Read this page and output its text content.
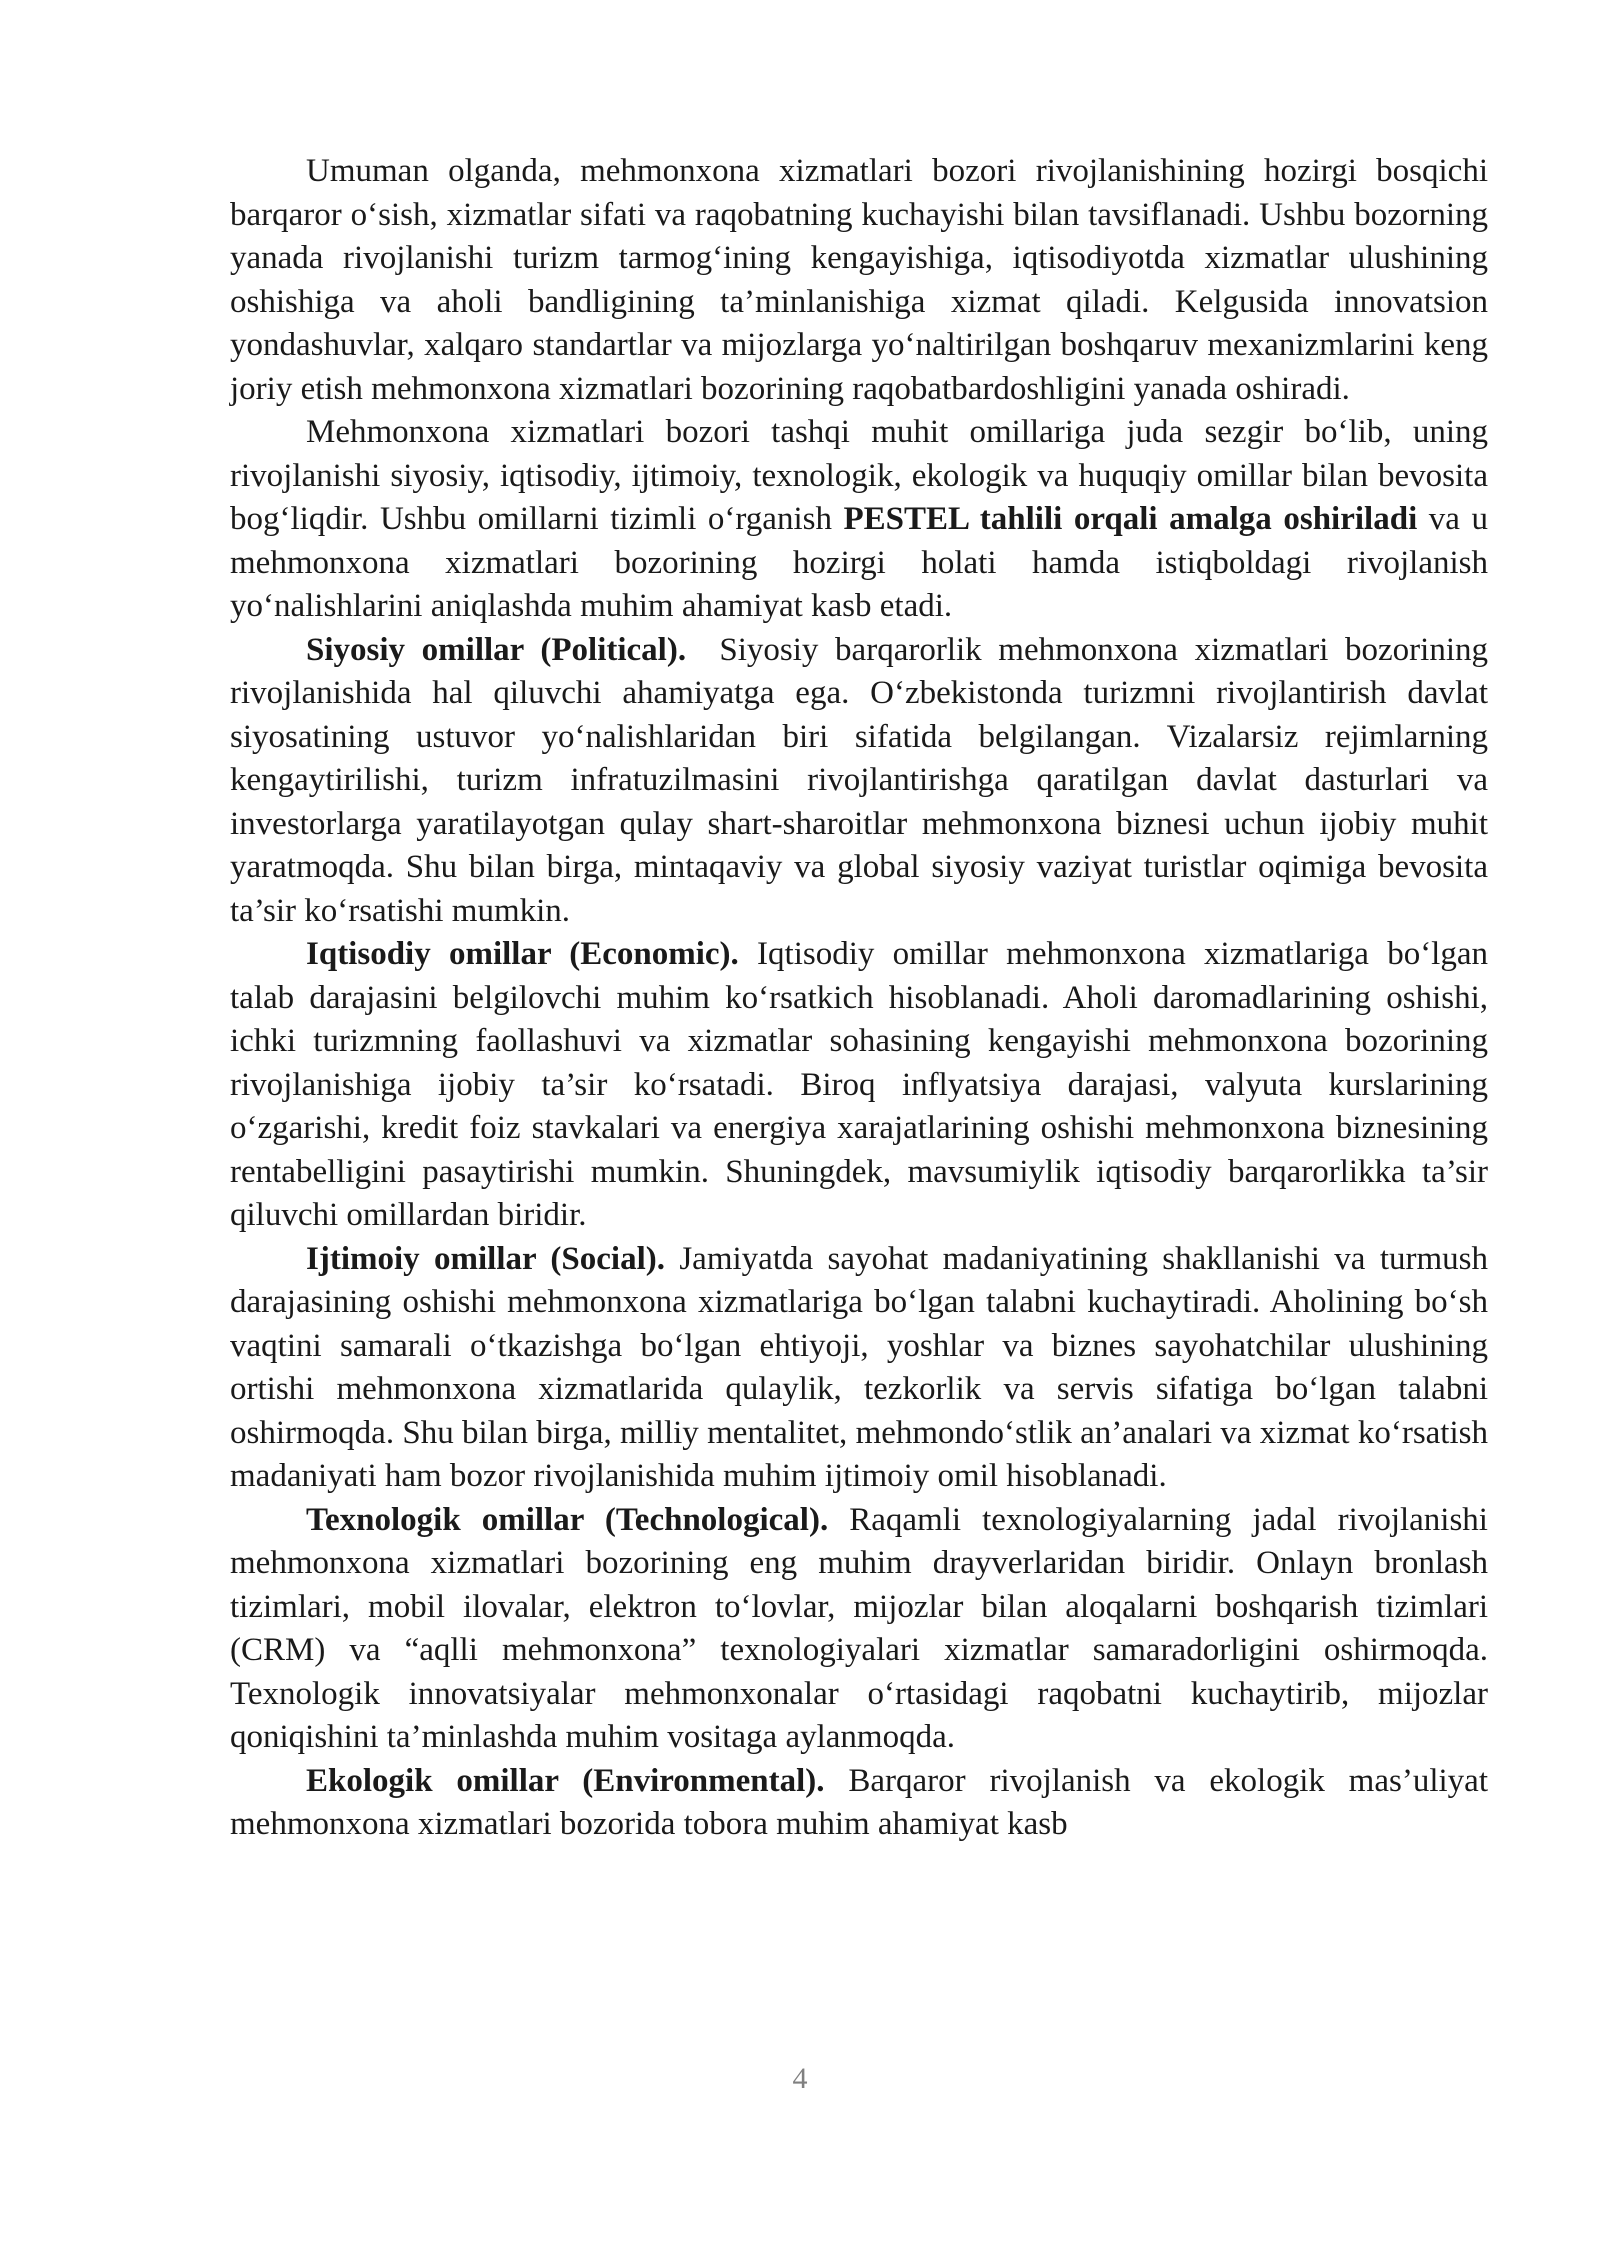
Umuman olganda, mehmonxona xizmatlari bozori rivojlanishining hozirgi bosqichi barqaror o‘sish, xizmatlar sifati va raqobatning kuchayishi bilan tavsiflanadi. Ushbu bozorning yanada rivojlanishi turizm tarmog‘ining kengayishiga, iqtisodiyotda xizmatlar ulushining oshishiga va aholi bandligining ta’minlanishiga xizmat qiladi. Kelgusida innovatsion yondashuvlar, xalqaro standartlar va mijozlarga yo‘naltirilgan boshqaruv mexanizmlarini keng joriy etish mehmonxona xizmatlari bozorining raqobatbardoshligini yanada oshiradi.

Mehmonxona xizmatlari bozori tashqi muhit omillariga juda sezgir bo‘lib, uning rivojlanishi siyosiy, iqtisodiy, ijtimoiy, texnologik, ekologik va huquqiy omillar bilan bevosita bog‘liqdir. Ushbu omillarni tizimli o‘rganish PESTEL tahlili orqali amalga oshiriladi va u mehmonxona xizmatlari bozorining hozirgi holati hamda istiqboldagi rivojlanish yo‘nalishlarini aniqlashda muhim ahamiyat kasb etadi.

Siyosiy omillar (Political).  Siyosiy barqarorlik mehmonxona xizmatlari bozorining rivojlanishida hal qiluvchi ahamiyatga ega. O‘zbekistonda turizmni rivojlantirish davlat siyosatining ustuvor yo‘nalishlaridan biri sifatida belgilangan. Vizalarsiz rejimlarning kengaytirilishi, turizm infratuzilmasini rivojlantirishga qaratilgan davlat dasturlari va investorlarga yaratilayotgan qulay shart-sharoitlar mehmonxona biznesi uchun ijobiy muhit yaratmoqda. Shu bilan birga, mintaqaviy va global siyosiy vaziyat turistlar oqimiga bevosita ta’sir ko‘rsatishi mumkin.

Iqtisodiy omillar (Economic). Iqtisodiy omillar mehmonxona xizmatlariga bo‘lgan talab darajasini belgilovchi muhim ko‘rsatkich hisoblanadi. Aholi daromadlarining oshishi, ichki turizmning faollashuvi va xizmatlar sohasining kengayishi mehmonxona bozorining rivojlanishiga ijobiy ta’sir ko‘rsatadi. Biroq inflyatsiya darajasi, valyuta kurslarining o‘zgarishi, kredit foiz stavkalari va energiya xarajatlarining oshishi mehmonxona biznesining rentabelligini pasaytirishi mumkin. Shuningdek, mavsumiylik iqtisodiy barqarorlikka ta’sir qiluvchi omillardan biridir.

Ijtimoiy omillar (Social). Jamiyatda sayohat madaniyatining shakllanishi va turmush darajasining oshishi mehmonxona xizmatlariga bo‘lgan talabni kuchaytiradi. Aholining bo‘sh vaqtini samarali o‘tkazishga bo‘lgan ehtiyoji, yoshlar va biznes sayohatchilar ulushining ortishi mehmonxona xizmatlarida qulaylik, tezkorlik va servis sifatiga bo‘lgan talabni oshirmoqda. Shu bilan birga, milliy mentalitet, mehmondo‘stlik an’analari va xizmat ko‘rsatish madaniyati ham bozor rivojlanishida muhim ijtimoiy omil hisoblanadi.

Texnologik omillar (Technological). Raqamli texnologiyalarning jadal rivojlanishi mehmonxona xizmatlari bozorining eng muhim drayverlaridan biridir. Onlayn bronlash tizimlari, mobil ilovalar, elektron to‘lovlar, mijozlar bilan aloqalarni boshqarish tizimlari (CRM) va “aqlli mehmonxona” texnologiyalari xizmatlar samaradorligini oshirmoqda. Texnologik innovatsiyalar mehmonxonalar o‘rtasidagi raqobatni kuchaytirib, mijozlar qoniqishini ta’minlashda muhim vositaga aylanmoqda.

Ekologik omillar (Environmental). Barqaror rivojlanish va ekologik mas’uliyat mehmonxona xizmatlari bozorida tobora muhim ahamiyat kasb

4
